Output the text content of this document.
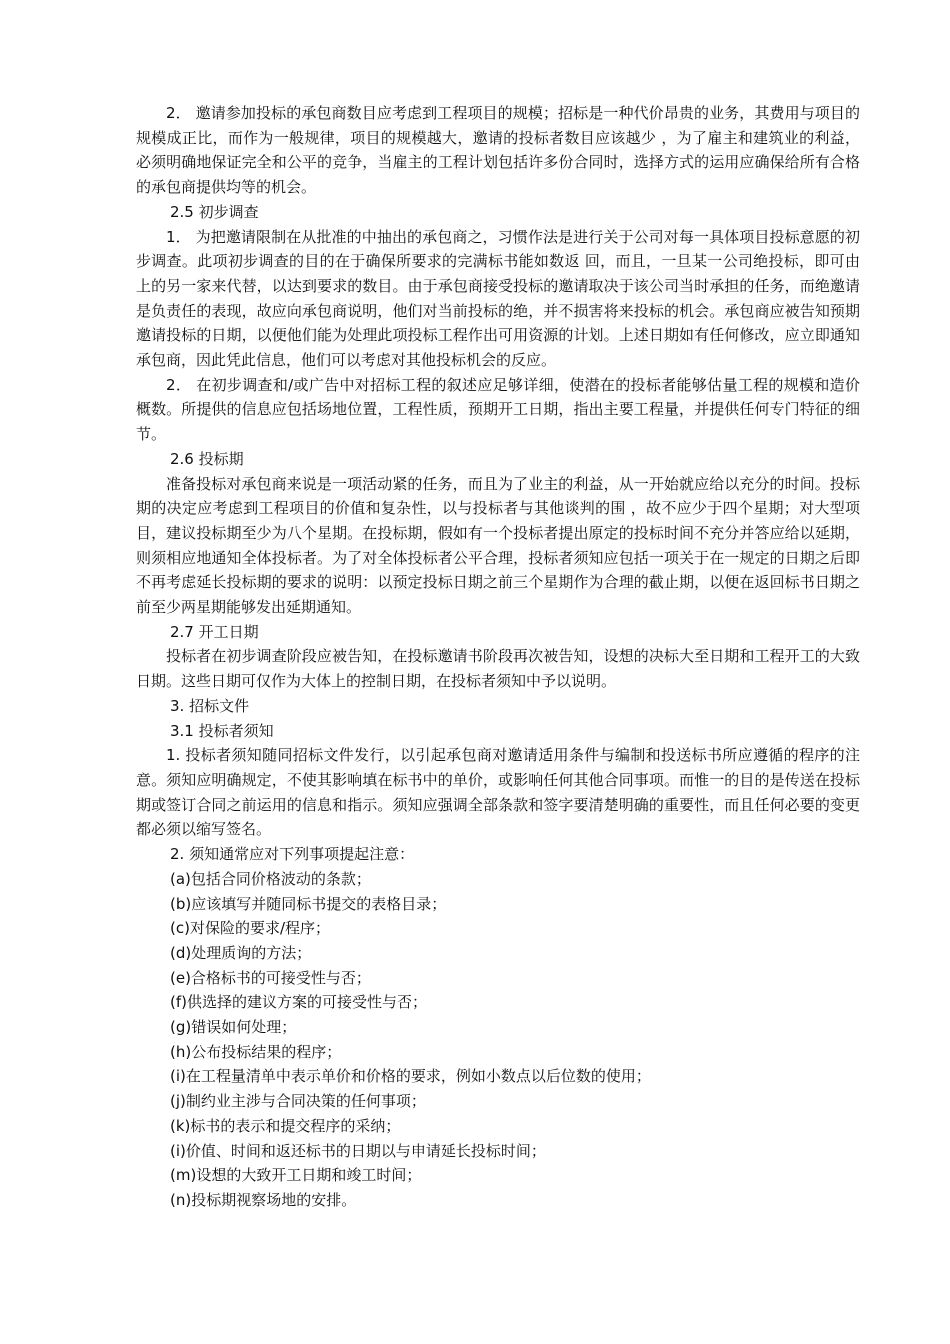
2． 邀请参加投标的承包商数目应考虑到工程项目的规模；招标是一种代价昂贵的业务，其费用与项目的规模成正比，而作为一般规律，项目的规模越大，邀请的投标者数目应该越少 ，为了雇主和建筑业的利益，必须明确地保证完全和公平的竞争，当雇主的工程计划包括许多份合同时，选择方式的运用应确保给所有合格的承包商提供均等的机会。

2.5 初步调查

1． 为把邀请限制在从批准的中抽出的承包商之，习惯作法是进行关于公司对每一具体项目投标意愿的初步调查。此项初步调查的目的在于确保所要求的完满标书能如数返 回，而且，一旦某一公司绝投标，即可由上的另一家来代替，以达到要求的数目。由于承包商接受投标的邀请取决于该公司当时承担的任务，而绝邀请是负责任的表现，故应向承包商说明，他们对当前投标的绝，并不损害将来投标的机会。承包商应被告知预期邀请投标的日期，以便他们能为处理此项投标工程作出可用资源的计划。上述日期如有任何修改，应立即通知承包商，因此凭此信息，他们可以考虑对其他投标机会的反应。

2． 在初步调查和/或广告中对招标工程的叙述应足够详细，使潜在的投标者能够估量工程的规模和造价概数。所提供的信息应包括场地位置，工程性质，预期开工日期，指出主要工程量，并提供任何专门特征的细节。

2.6 投标期

准备投标对承包商来说是一项活动紧的任务，而且为了业主的利益，从一开始就应给以充分的时间。投标期的决定应考虑到工程项目的价值和复杂性，以与投标者与其他谈判的围 ，故不应少于四个星期；对大型项目，建议投标期至少为八个星期。在投标期，假如有一个投标者提出原定的投标时间不充分并答应给以延期，则须相应地通知全体投标者。为了对全体投标者公平合理，投标者须知应包括一项关于在一规定的日期之后即不再考虑延长投标期的要求的说明：以预定投标日期之前三个星期作为合理的截止期，以便在返回标书日期之前至少两星期能够发出延期通知。

2.7 开工日期

投标者在初步调查阶段应被告知，在投标邀请书阶段再次被告知，设想的决标大至日期和工程开工的大致日期。这些日期可仅作为大体上的控制日期，在投标者须知中予以说明。

3. 招标文件

3.1 投标者须知

1. 投标者须知随同招标文件发行，以引起承包商对邀请适用条件与编制和投送标书所应遵循的程序的注意。须知应明确规定，不使其影响填在标书中的单价，或影响任何其他合同事项。而惟一的目的是传送在投标期或签订合同之前运用的信息和指示。须知应强调全部条款和签字要清楚明确的重要性，而且任何必要的变更都必须以缩写签名。

2. 须知通常应对下列事项提起注意：

(a)包括合同价格波动的条款；

(b)应该填写并随同标书提交的表格目录；

(c)对保险的要求/程序；

(d)处理质询的方法；

(e)合格标书的可接受性与否；

(f)供选择的建议方案的可接受性与否；

(g)错误如何处理；

(h)公布投标结果的程序；

(i)在工程量清单中表示单价和价格的要求，例如小数点以后位数的使用；

(j)制约业主涉与合同决策的任何事项；

(k)标书的表示和提交程序的采纳；

(i)价值、时间和返还标书的日期以与申请延长投标时间；

(m)设想的大致开工日期和竣工时间；

(n)投标期视察场地的安排。
